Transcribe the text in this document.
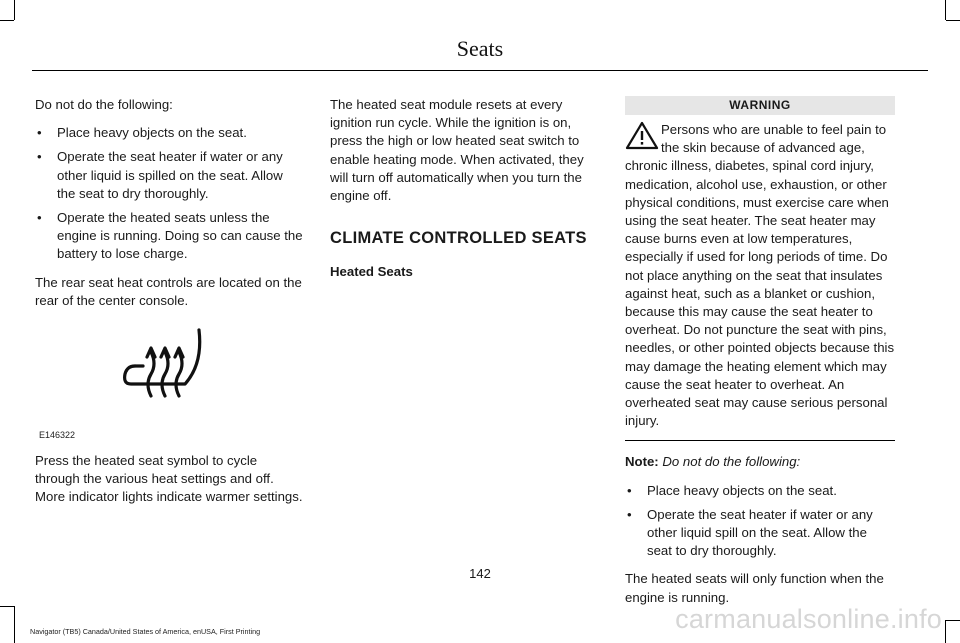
Seats

Do not do the following:

• Place heavy objects on the seat.
• Operate the seat heater if water or any other liquid is spilled on the seat. Allow the seat to dry thoroughly.
• Operate the heated seats unless the engine is running. Doing so can cause the battery to lose charge.

The rear seat heat controls are located on the rear of the center console.

E146322

Press the heated seat symbol to cycle through the various heat settings and off. More indicator lights indicate warmer settings.

The heated seat module resets at every ignition run cycle. While the ignition is on, press the high or low heated seat switch to enable heating mode. When activated, they will turn off automatically when you turn the engine off.

CLIMATE CONTROLLED SEATS

Heated Seats

WARNING

Persons who are unable to feel pain to the skin because of advanced age, chronic illness, diabetes, spinal cord injury, medication, alcohol use, exhaustion, or other physical conditions, must exercise care when using the seat heater. The seat heater may cause burns even at low temperatures, especially if used for long periods of time. Do not place anything on the seat that insulates against heat, such as a blanket or cushion, because this may cause the seat heater to overheat. Do not puncture the seat with pins, needles, or other pointed objects because this may damage the heating element which may cause the seat heater to overheat. An overheated seat may cause serious personal injury.

Note: Do not do the following:

• Place heavy objects on the seat.
• Operate the seat heater if water or any other liquid spill on the seat. Allow the seat to dry thoroughly.

The heated seats will only function when the engine is running.

142
Navigator (TB5) Canada/United States of America, enUSA, First Printing	carmanualsonline.info
